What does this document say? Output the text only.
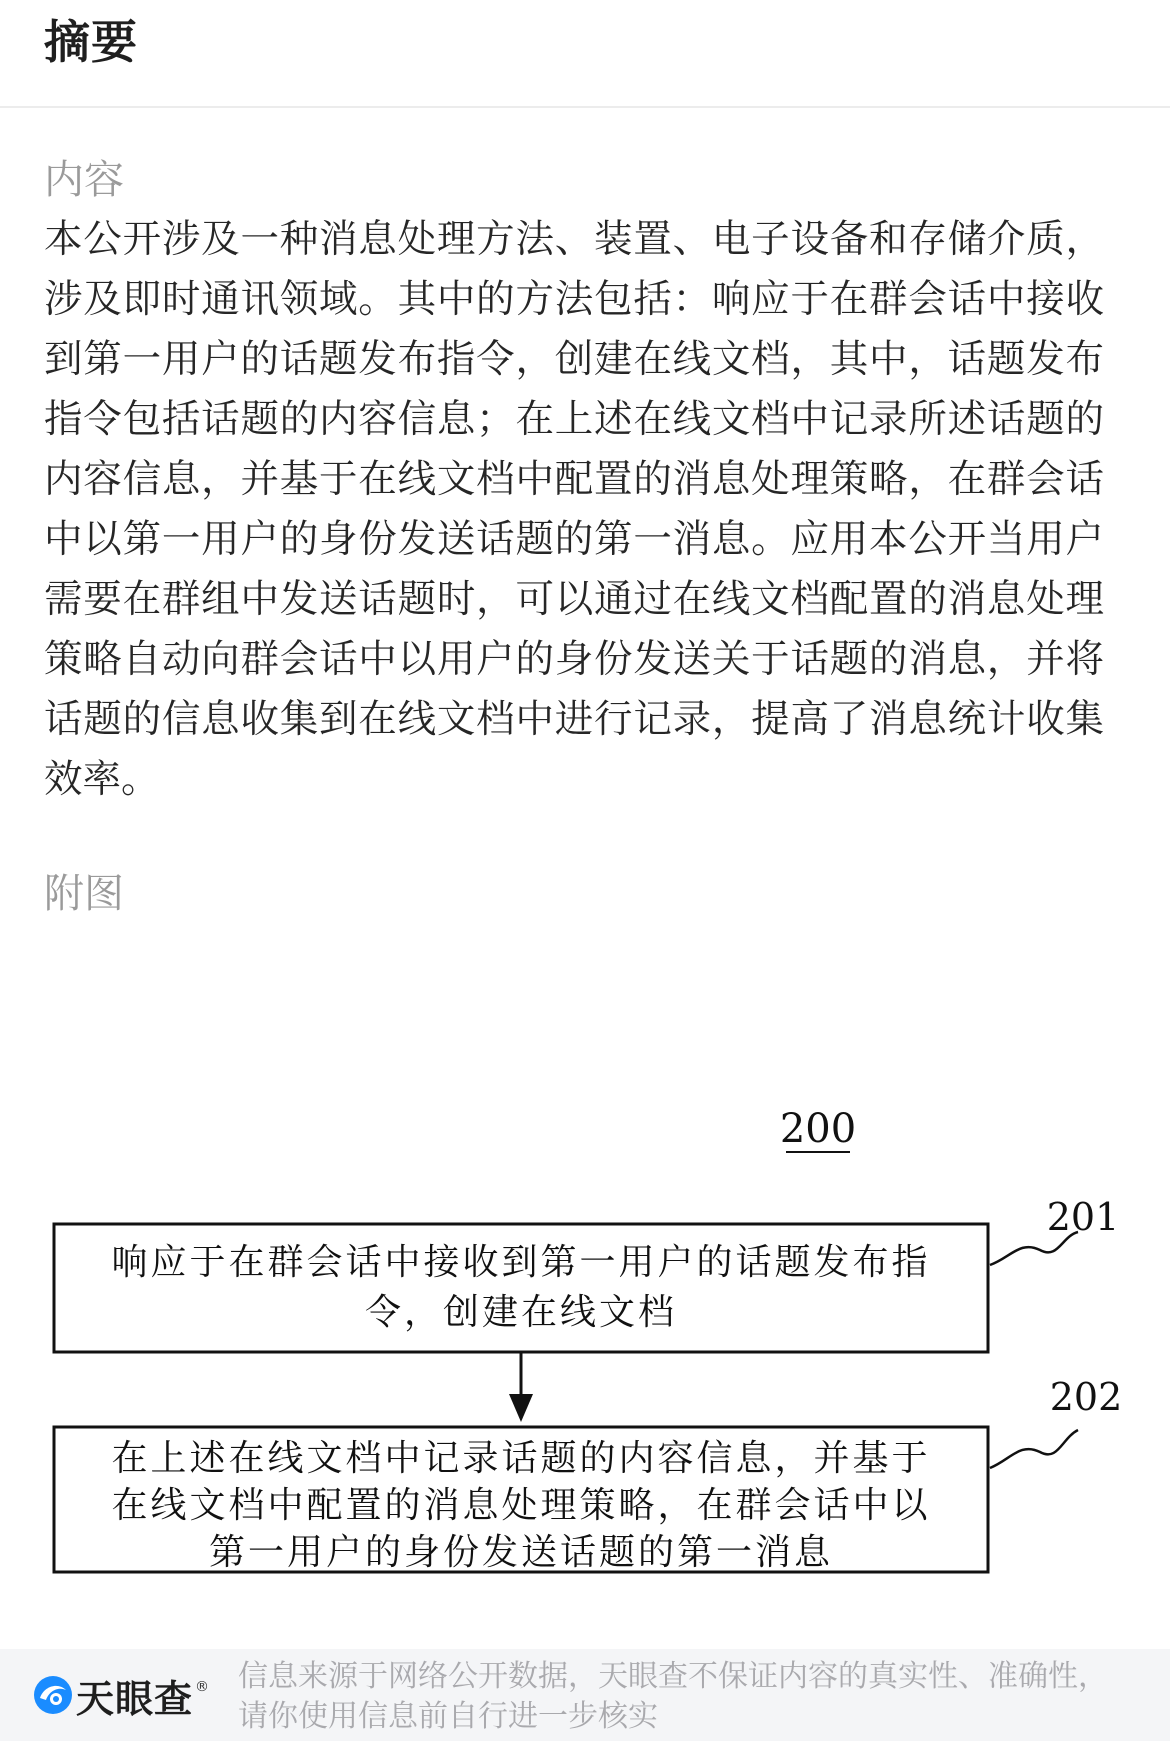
摘要
内容
本公开涉及一种消息处理方法、装置、电子设备和存储介质，涉及即时通讯领域。其中的方法包括：响应于在群会话中接收到第一用户的话题发布指令，创建在线文档，其中，话题发布指令包括话题的内容信息；在上述在线文档中记录所述话题的内容信息，并基于在线文档中配置的消息处理策略，在群会话中以第一用户的身份发送话题的第一消息。应用本公开当用户需要在群组中发送话题时，可以通过在线文档配置的消息处理策略自动向群会话中以用户的身份发送关于话题的消息，并将话题的信息收集到在线文档中进行记录，提高了消息统计收集效率。
附图
200
响应于在群会话中接收到第一用户的话题发布指
令，创建在线文档
201
在上述在线文档中记录话题的内容信息，并基于
在线文档中配置的消息处理策略，在群会话中以
第一用户的身份发送话题的第一消息
202
天眼查 ® 信息来源于网络公开数据，天眼查不保证内容的真实性、准确性，
请你使用信息前自行进一步核实
